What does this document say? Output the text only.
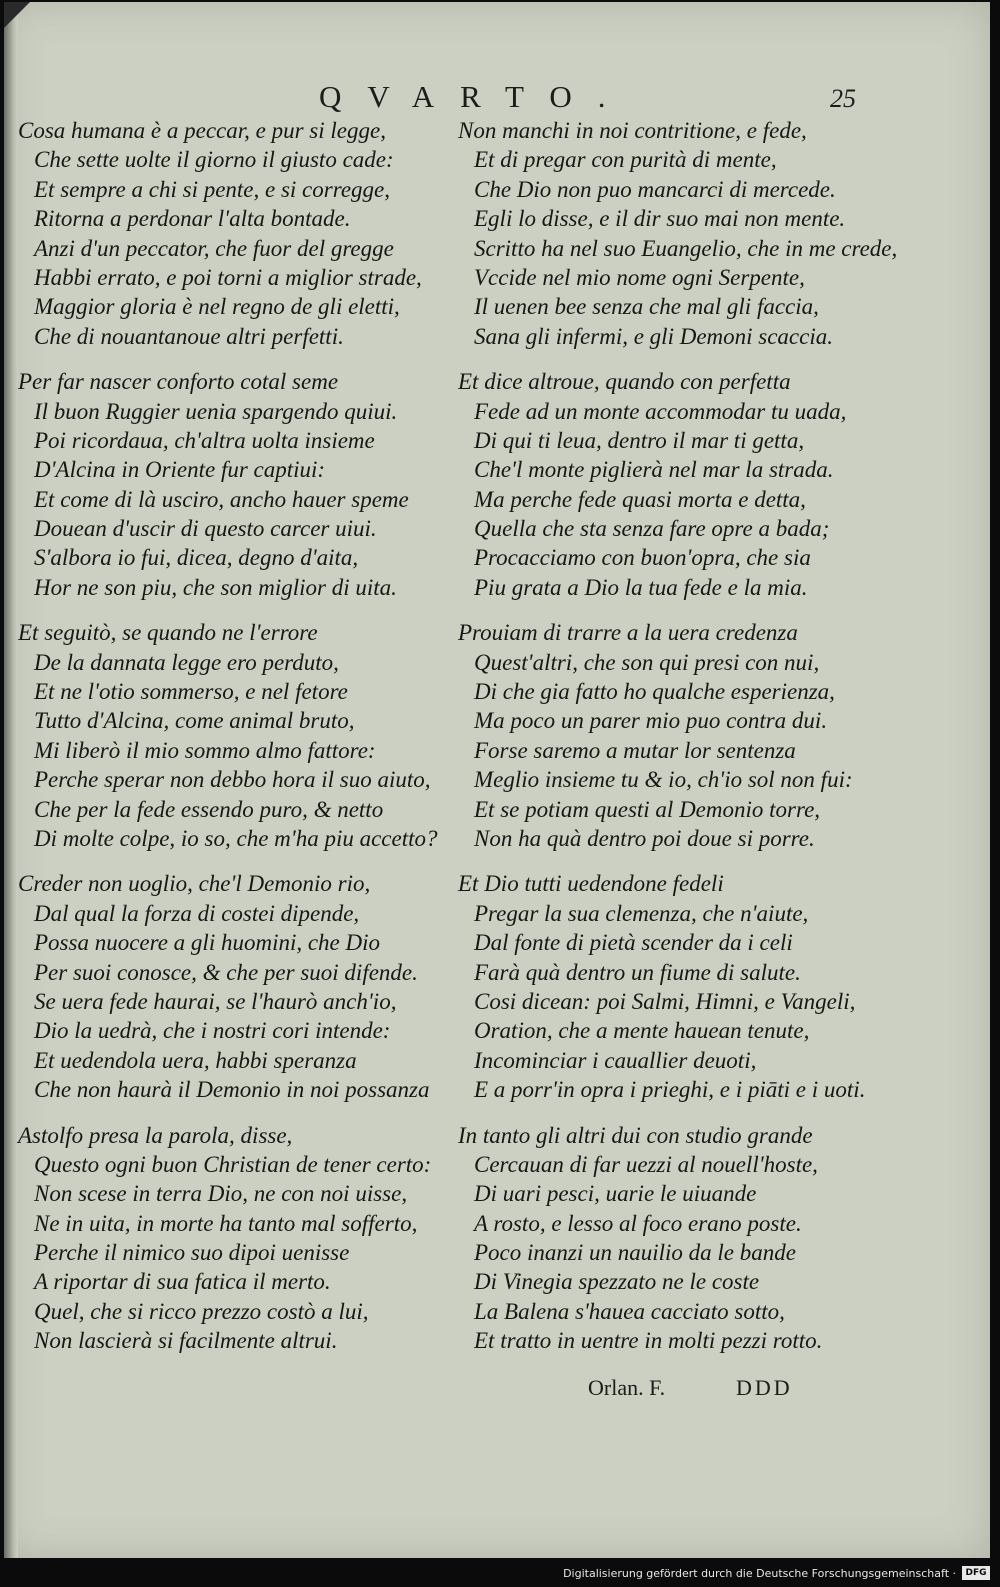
QVARTO.	25
Cosa humana è a peccar, e pur si legge,
Che sette uolte il giorno il giusto cade:
Et sempre a chi si pente, e si corregge,
Ritorna a perdonar l'alta bontade.
Anzi d'un peccator, che fuor del gregge
Habbi errato, e poi torni a miglior strade,
Maggior gloria è nel regno de gli eletti,
Che di nouantanoue altri perfetti.
Per far nascer conforto cotal seme
Il buon Ruggier uenia spargendo quiui.
Poi ricordaua, ch'altra uolta insieme
D'Alcina in Oriente fur captiui:
Et come di là usciro, ancho hauer speme
Douean d'uscir di questo carcer uiui.
S'albora io fui, dicea, degno d'aita,
Hor ne son piu, che son miglior di uita.
Et seguitò, se quando ne l'errore
De la dannata legge ero perduto,
Et ne l'otio sommerso, e nel fetore
Tutto d'Alcina, come animal bruto,
Mi liberò il mio sommo almo fattore:
Perche sperar non debbo hora il suo aiuto,
Che per la fede essendo puro, & netto
Di molte colpe, io so, che m'ha piu accetto?
Creder non uoglio, che'l Demonio rio,
Dal qual la forza di costei dipende,
Possa nuocere a gli huomini, che Dio
Per suoi conosce, & che per suoi difende.
Se uera fede haurai, se l'haurò anch'io,
Dio la uedrà, che i nostri cori intende:
Et uedendola uera, habbi speranza
Che non haurà il Demonio in noi possanza
Astolfo presa la parola, disse,
Questo ogni buon Christian de tener certo:
Non scese in terra Dio, ne con noi uisse,
Ne in uita, in morte ha tanto mal sofferto,
Perche il nimico suo dipoi uenisse
A riportar di sua fatica il merto.
Quel, che si ricco prezzo costò a lui,
Non lascierà si facilmente altrui.
Non manchi in noi contritione, e fede,
Et di pregar con purità di mente,
Che Dio non puo mancarci di mercede.
Egli lo disse, e il dir suo mai non mente.
Scritto ha nel suo Euangelio, che in me crede,
Vccide nel mio nome ogni Serpente,
Il uenen bee senza che mal gli faccia,
Sana gli infermi, e gli Demoni scaccia.
Et dice altroue, quando con perfetta
Fede ad un monte accommodar tu uada,
Di qui ti leua, dentro il mar ti getta,
Che'l monte piglierà nel mar la strada.
Ma perche fede quasi morta e detta,
Quella che sta senza fare opre a bada;
Procacciamo con buon'opra, che sia
Piu grata a Dio la tua fede e la mia.
Prouiam di trarre a la uera credenza
Quest'altri, che son qui presi con nui,
Di che gia fatto ho qualche esperienza,
Ma poco un parer mio puo contra dui.
Forse saremo a mutar lor sentenza
Meglio insieme tu & io, ch'io sol non fui:
Et se potiam questi al Demonio torre,
Non ha quà dentro poi doue si porre.
Et Dio tutti uedendone fedeli
Pregar la sua clemenza, che n'aiute,
Dal fonte di pietà scender da i celi
Farà quà dentro un fiume di salute.
Cosi dicean: poi Salmi, Himni, e Vangeli,
Oration, che a mente hauean tenute,
Incominciar i cauallier deuoti,
E a porr'in opra i prieghi, e i piāti e i uoti.
In tanto gli altri dui con studio grande
Cercauan di far uezzi al nouell'hoste,
Di uari pesci, uarie le uiuande
A rosto, e lesso al foco erano poste.
Poco inanzi un nauilio da le bande
Di Vinegia spezzato ne le coste
La Balena s'hauea cacciato sotto,
Et tratto in uentre in molti pezzi rotto.
Orlan. F.	DDD
Digitalisierung gefördert durch die Deutsche Forschungsgemeinschaft ·	DFG
